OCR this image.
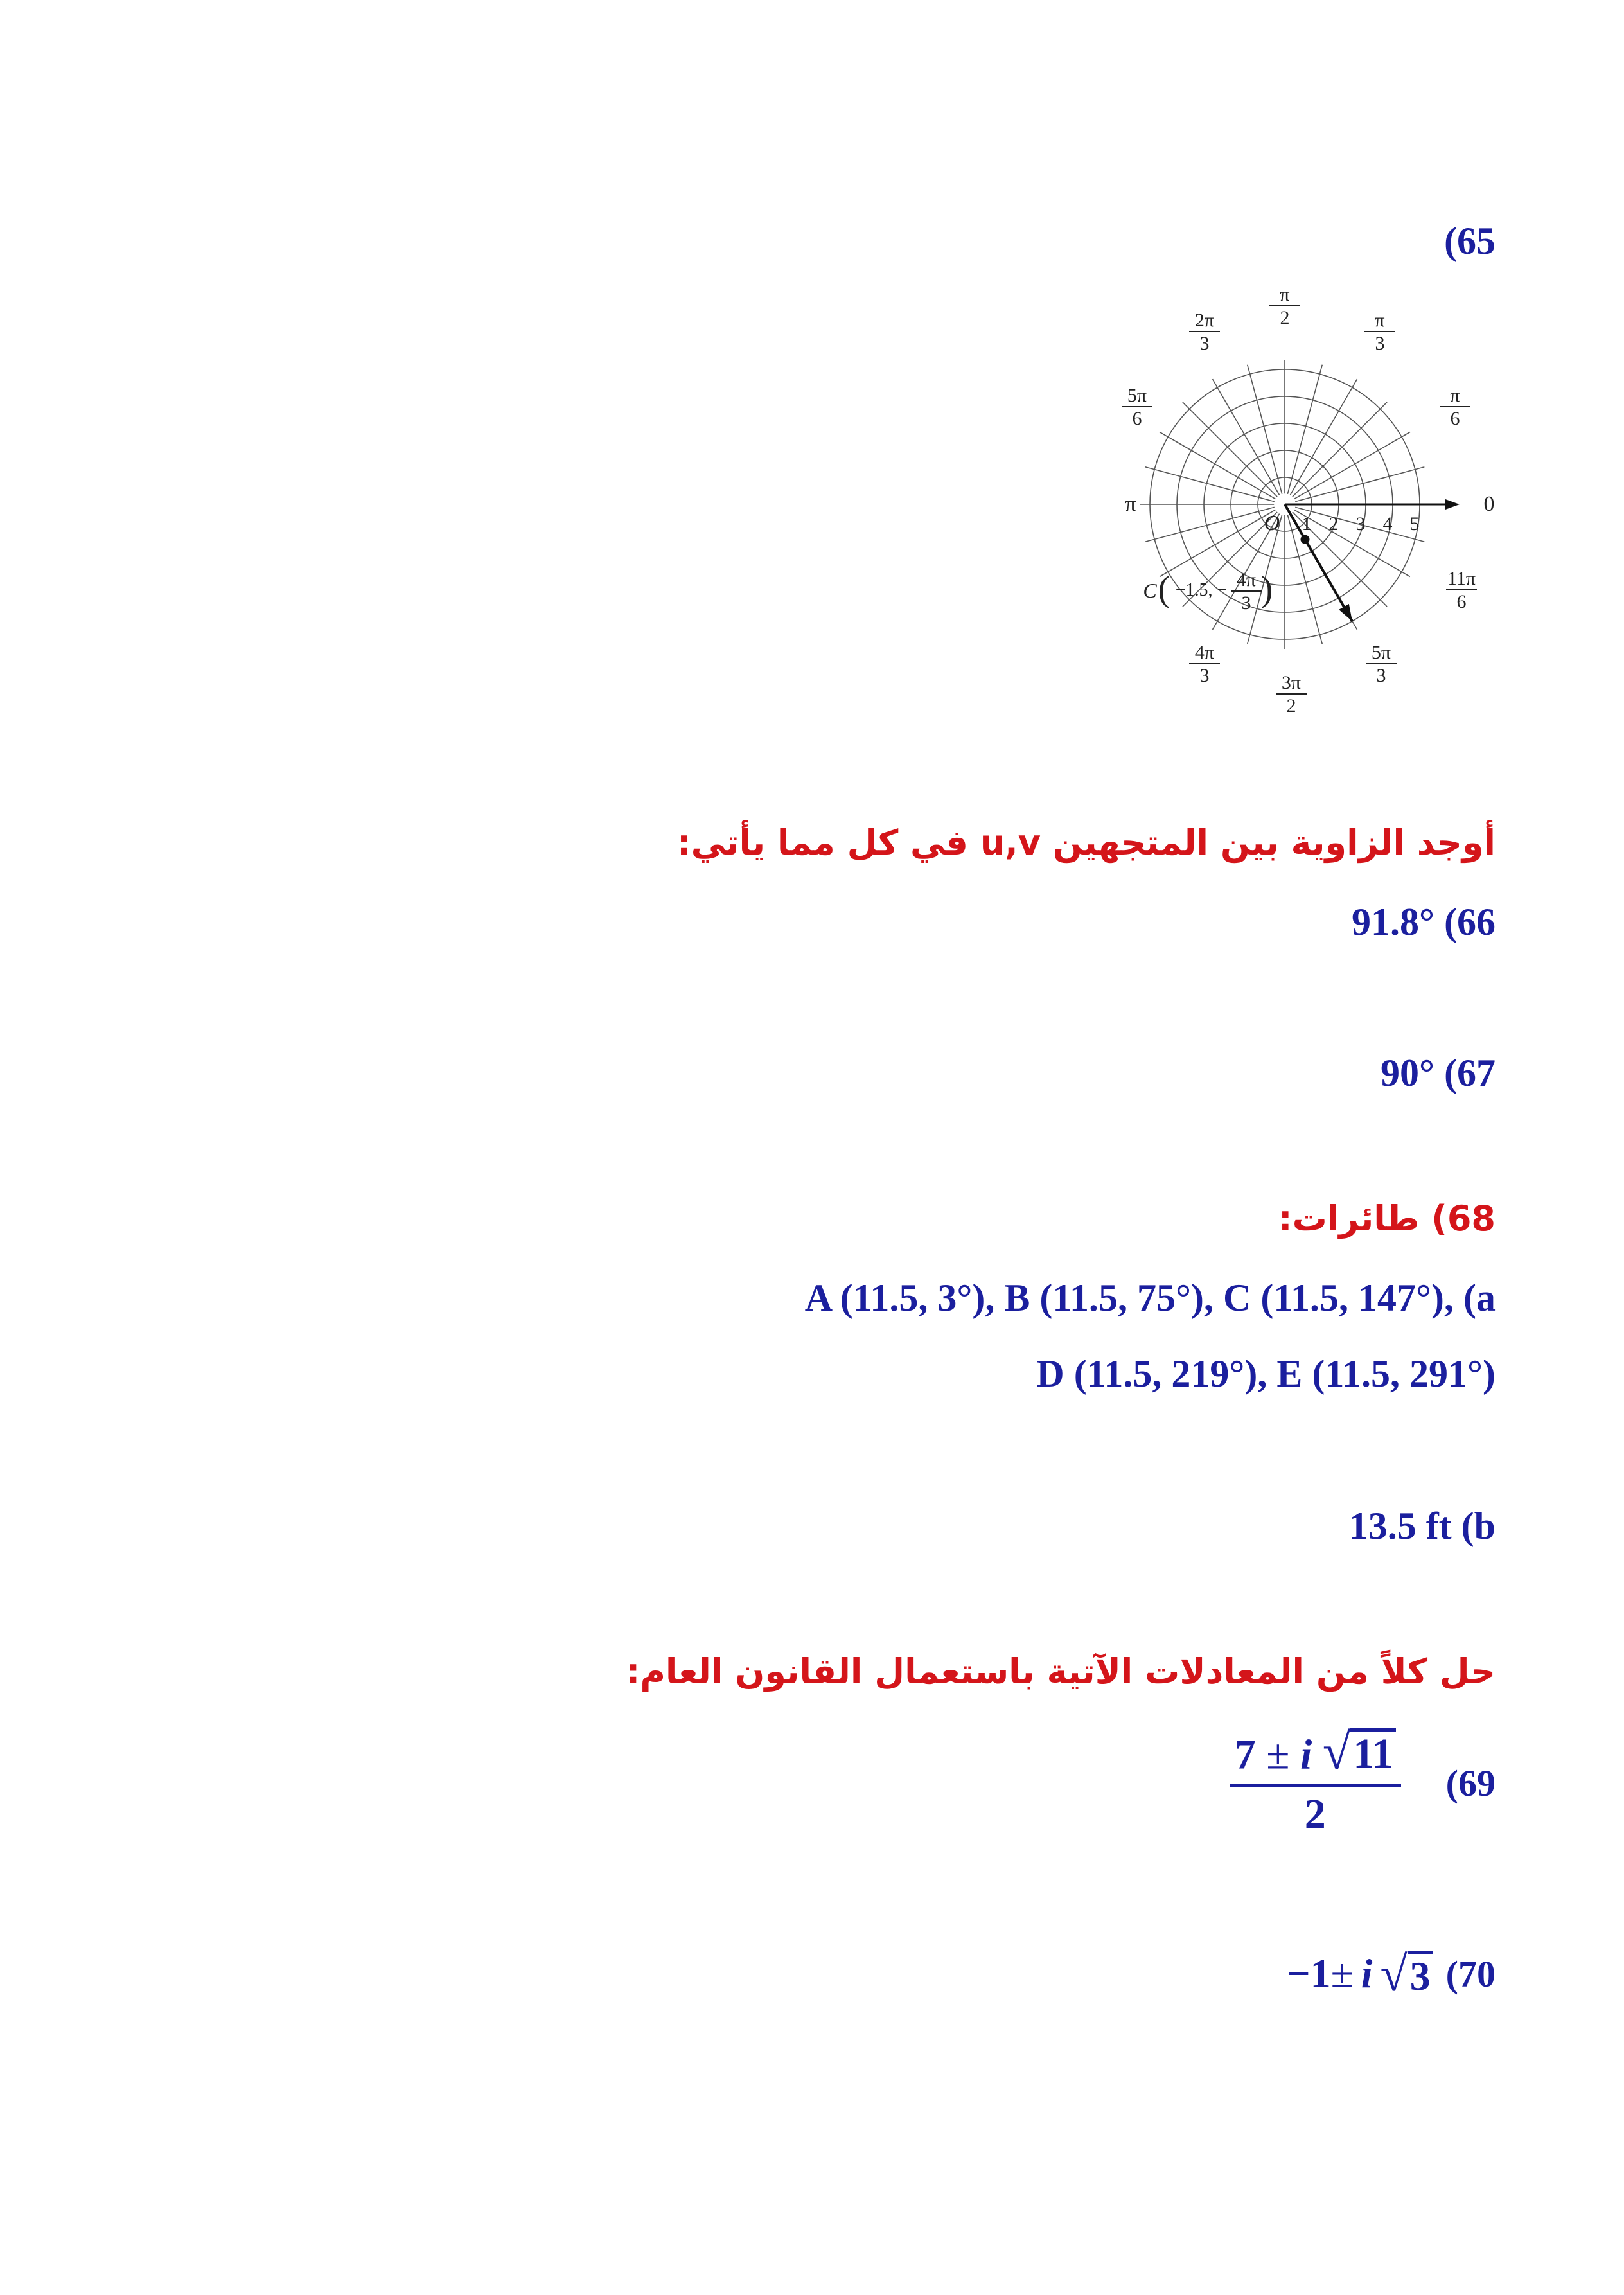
(65
π
2
2π
3
π
3
5π
6
π
6
π	0
11π
6
4π
3
5π
3
3π
2
O 1 2 3 4 5
C ( −1.5, − 4π
3 )
أوجد الزاوية بين المتجهين u,v في كل مما يأتي:
91.8° (66
90° (67
68) طائرات:
A (11.5, 3°), B (11.5, 75°), C (11.5, 147°), (a
D (11.5, 219°), E (11.5, 291°)
13.5 ft (b
حل كلاً من المعادلات الآتية باستعمال القانون العام:
$\frac{7 \pm i √ 11}{2} (69$
−1 ± i √ 3 (70
